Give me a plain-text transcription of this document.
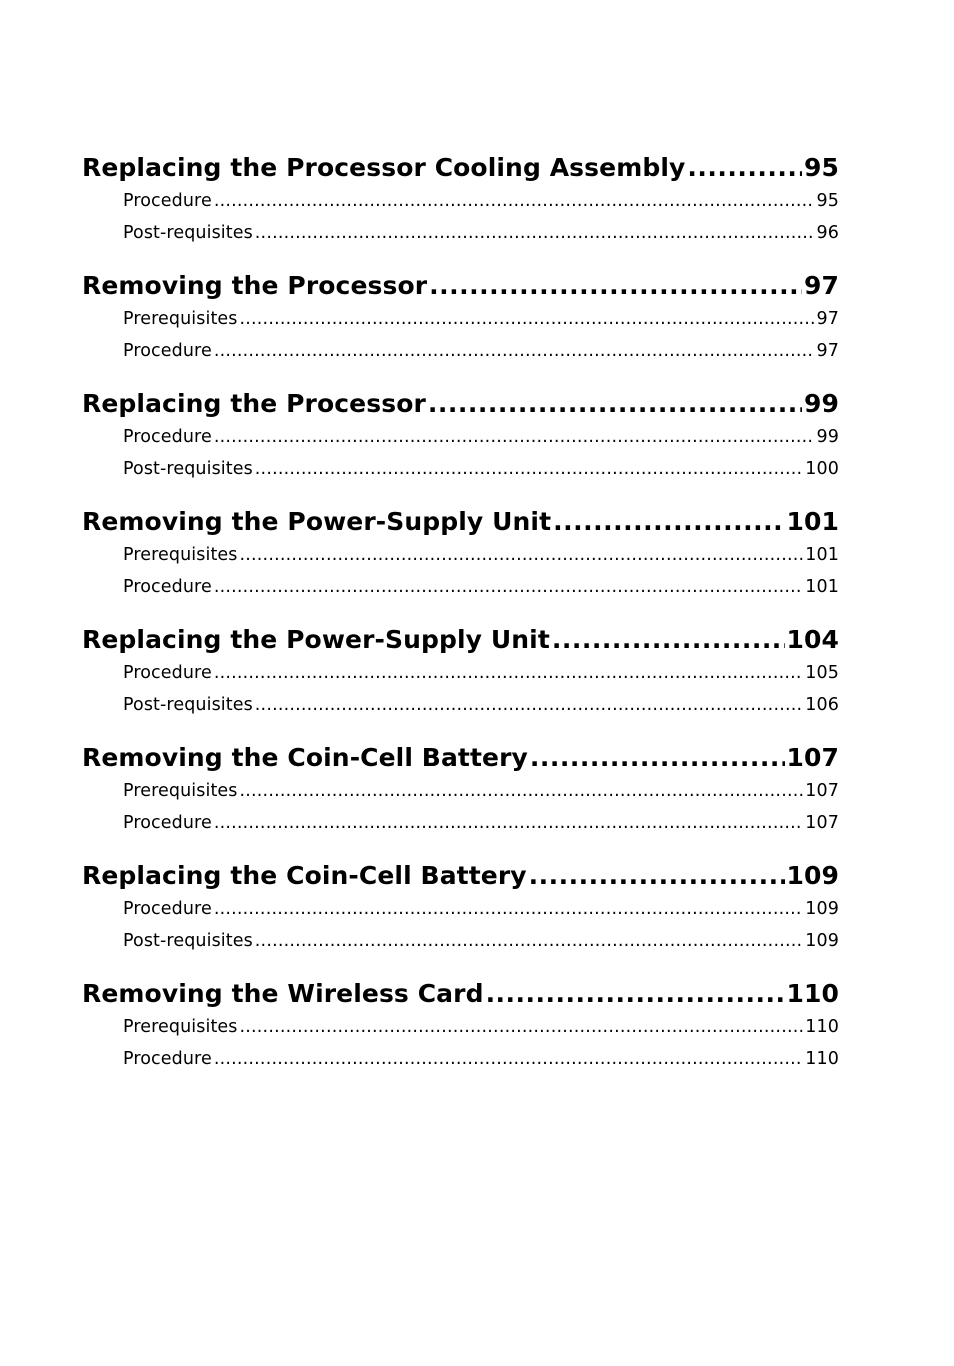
Replacing the Processor Cooling Assembly .....	95
Procedure .....	95
Post-requisites .....	96
Removing the Processor .....	97
Prerequisites .....	97
Procedure .....	97
Replacing the Processor .....	99
Procedure .....	99
Post-requisites .....	100
Removing the Power-Supply Unit .....	101
Prerequisites .....	101
Procedure .....	101
Replacing the Power-Supply Unit .....	104
Procedure .....	105
Post-requisites .....	106
Removing the Coin-Cell Battery .....	107
Prerequisites .....	107
Procedure .....	107
Replacing the Coin-Cell Battery .....	109
Procedure .....	109
Post-requisites .....	109
Removing the Wireless Card .....	110
Prerequisites .....	110
Procedure .....	110
